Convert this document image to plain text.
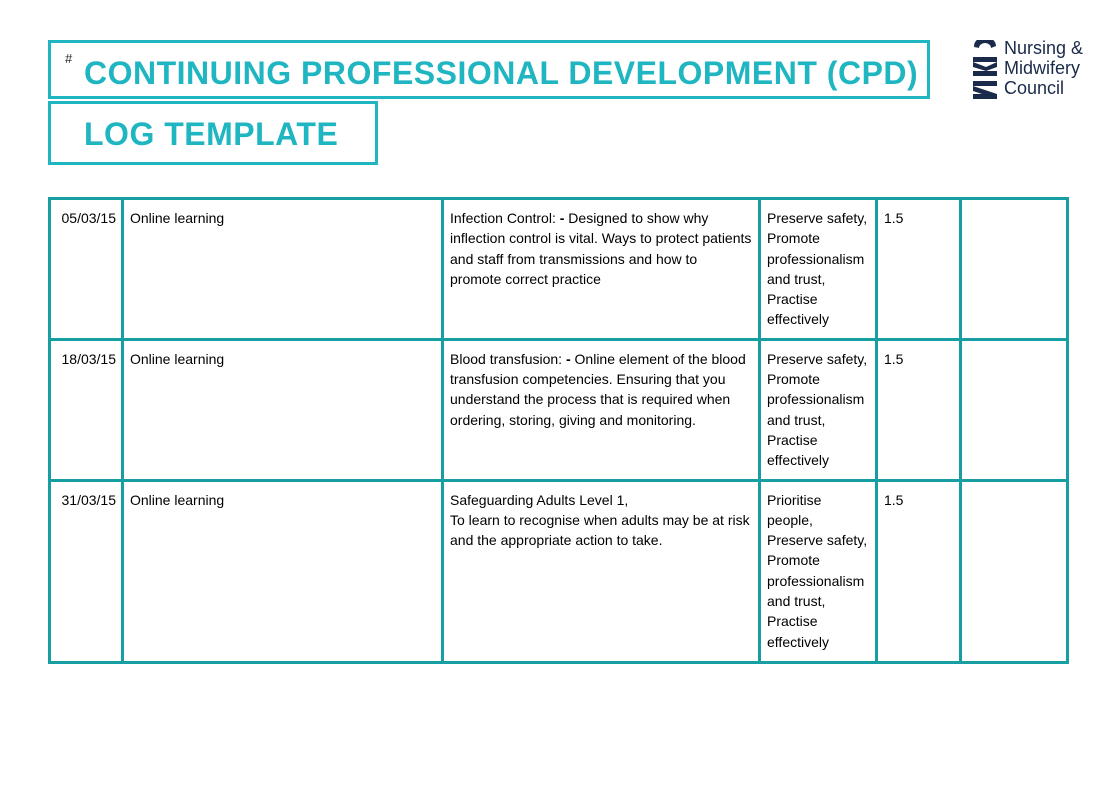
# CONTINUING PROFESSIONAL DEVELOPMENT (CPD)
LOG TEMPLATE
Nursing &
Midwifery
Council
05/03/15	Online learning	Infection Control: - Designed to show why inflection control is vital. Ways to protect patients and staff from transmissions and how to promote correct practice	Preserve safety, Promote professionalism and trust, Practise effectively	1.5	
18/03/15	Online learning	Blood transfusion: - Online element of the blood transfusion competencies. Ensuring that you understand the process that is required when ordering, storing, giving and monitoring.	Preserve safety, Promote professionalism and trust, Practise effectively	1.5	
31/03/15	Online learning	Safeguarding Adults Level 1,
To learn to recognise when adults may be at risk and the appropriate action to take.	Prioritise people, Preserve safety, Promote professionalism and trust, Practise effectively	1.5	
